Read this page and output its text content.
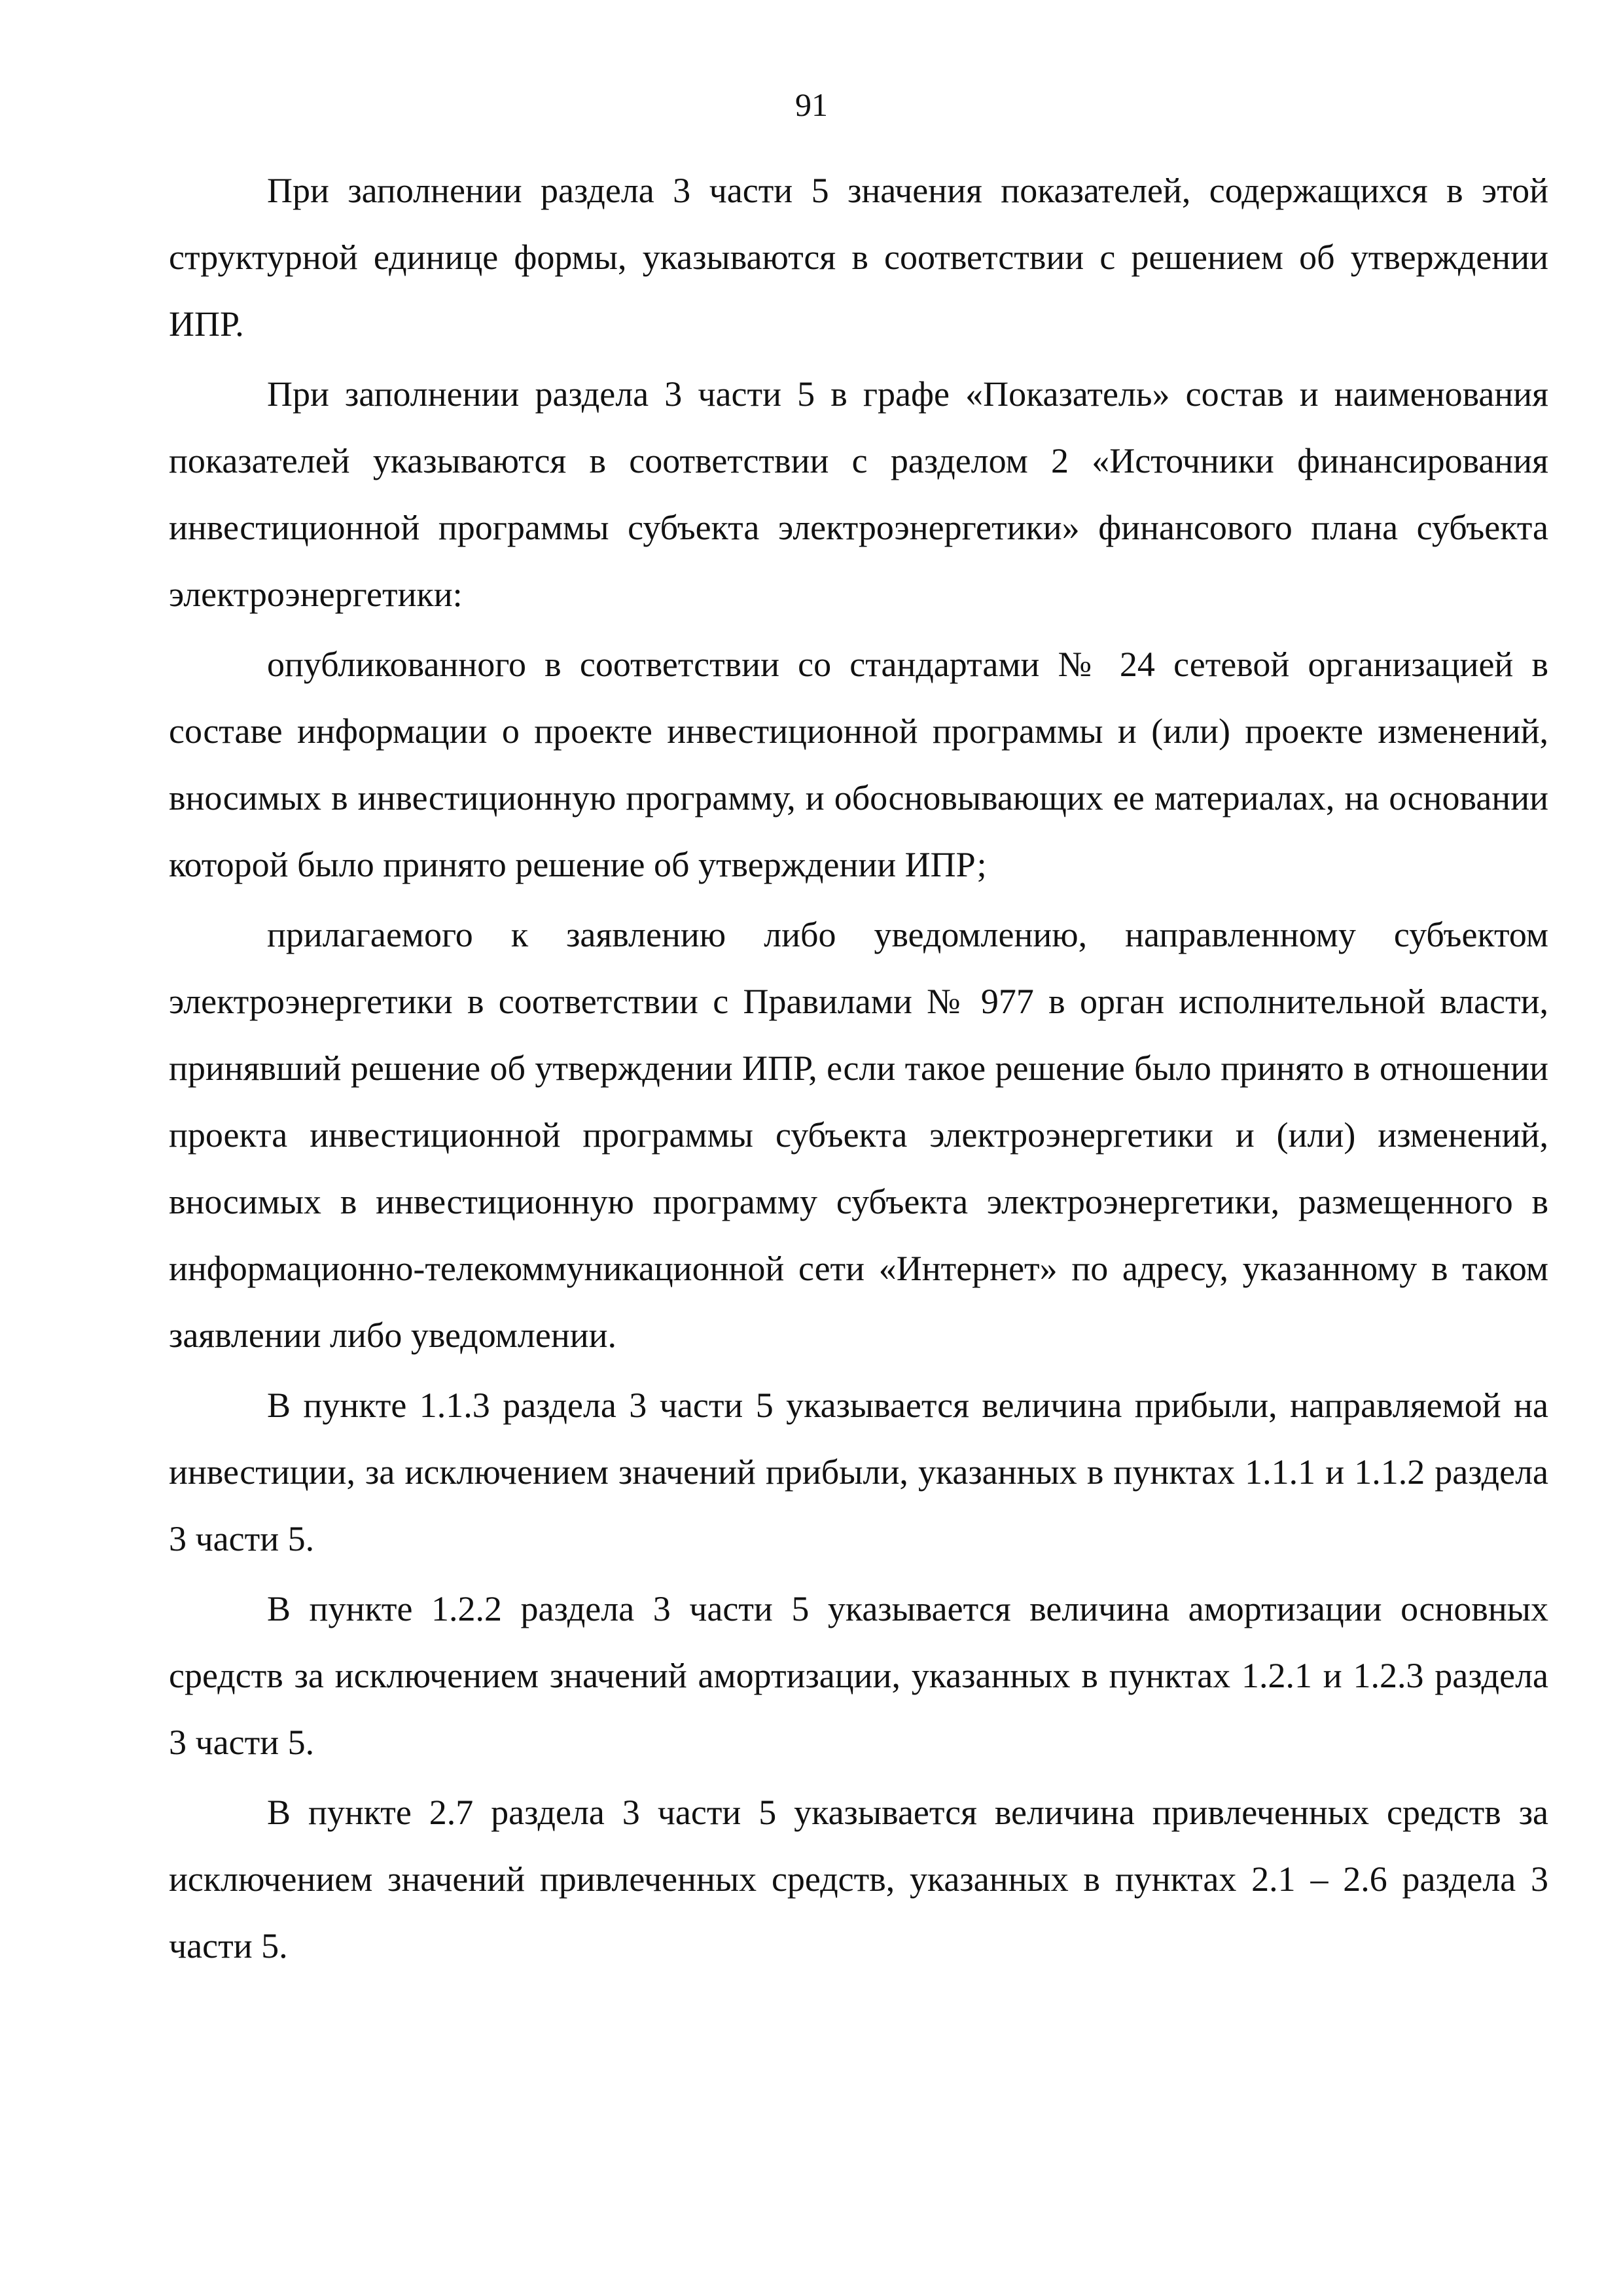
91

При заполнении раздела 3 части 5 значения показателей, содержащихся в этой структурной единице формы, указываются в соответствии с решением об утверждении ИПР.

При заполнении раздела 3 части 5 в графе «Показатель» состав и наименования показателей указываются в соответствии с разделом 2 «Источники финансирования инвестиционной программы субъекта электроэнергетики» финансового плана субъекта электроэнергетики:

опубликованного в соответствии со стандартами № 24 сетевой организацией в составе информации о проекте инвестиционной программы и (или) проекте изменений, вносимых в инвестиционную программу, и обосновывающих ее материалах, на основании которой было принято решение об утверждении ИПР;

прилагаемого к заявлению либо уведомлению, направленному субъектом электроэнергетики в соответствии с Правилами № 977 в орган исполнительной власти, принявший решение об утверждении ИПР, если такое решение было принято в отношении проекта инвестиционной программы субъекта электроэнергетики и (или) изменений, вносимых в инвестиционную программу субъекта электроэнергетики, размещенного в информационно-телекоммуникационной сети «Интернет» по адресу, указанному в таком заявлении либо уведомлении.

В пункте 1.1.3 раздела 3 части 5 указывается величина прибыли, направляемой на инвестиции, за исключением значений прибыли, указанных в пунктах 1.1.1 и 1.1.2 раздела 3 части 5.

В пункте 1.2.2 раздела 3 части 5 указывается величина амортизации основных средств за исключением значений амортизации, указанных в пунктах 1.2.1 и 1.2.3 раздела 3 части 5.

В пункте 2.7 раздела 3 части 5 указывается величина привлеченных средств за исключением значений привлеченных средств, указанных в пунктах 2.1 – 2.6 раздела 3 части 5.
